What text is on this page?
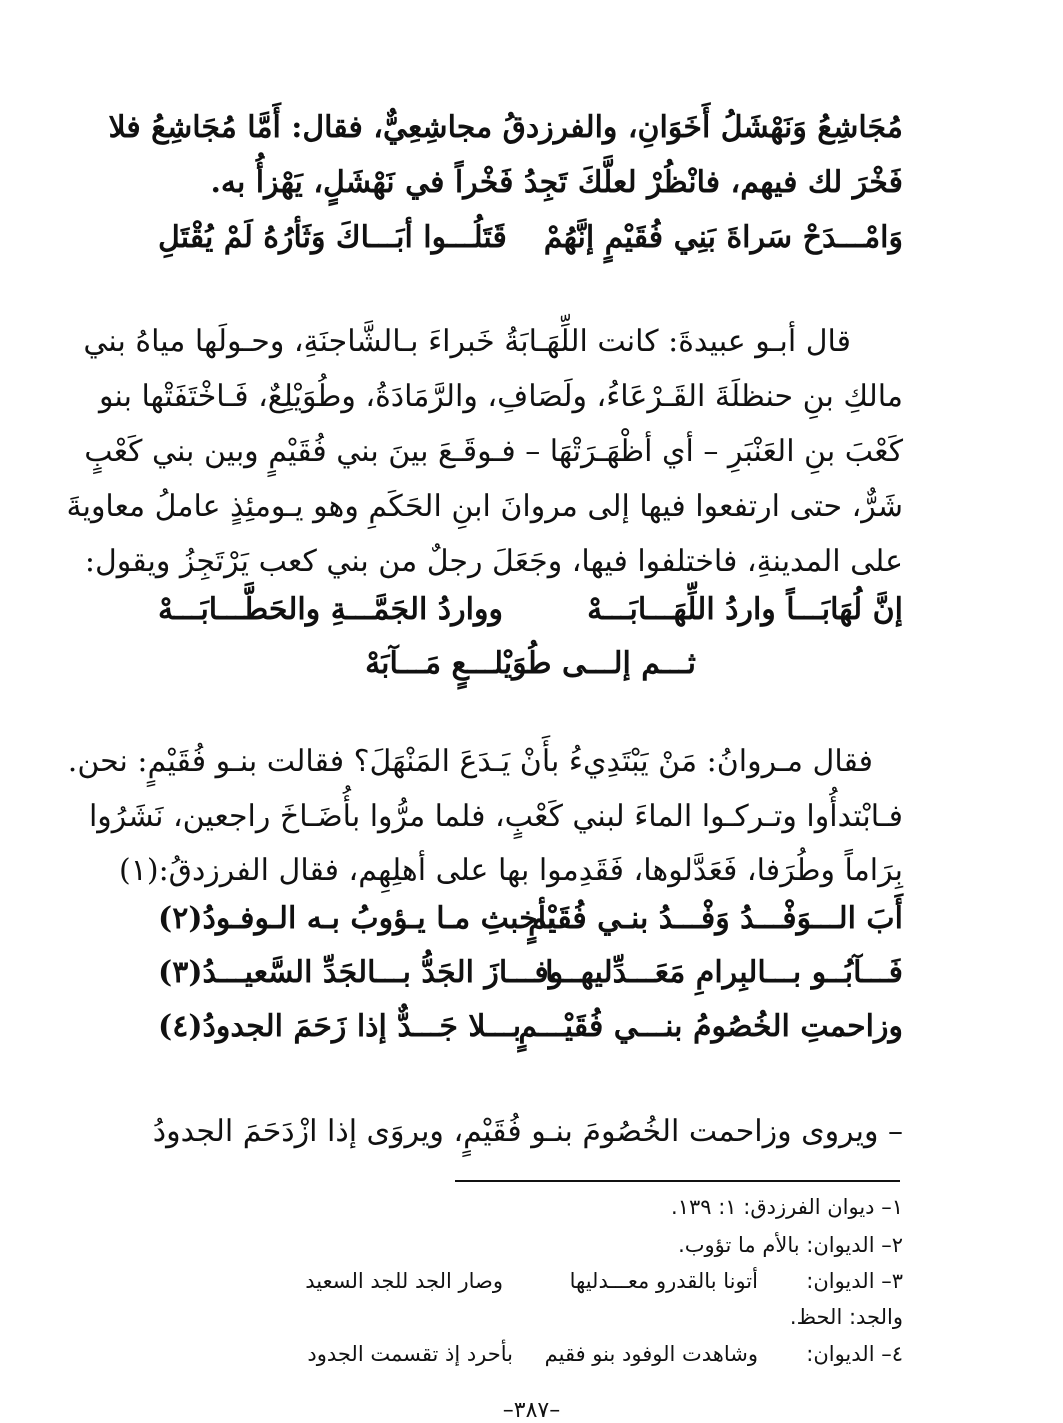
مُجَاشِعُ وَنَهْشَلُ أَخَوَانِ، والفرزدقُ مجاشِعِيٌّ، فقال: أَمَّا مُجَاشِعُ فلا
فَخْرَ لك فيهم، فانْظُرْ لعلَّكَ تَجِدُ فَخْراً في نَهْشَلٍ، يَهْزأُ به.
وَامْـــدَحْ سَراةَ بَنِي فُقَيْمٍ إنَّهُمْ
قَتَلُـــوا أبَـــاكَ وَثَأرُهُ لَمْ يُقْتَلِ
قال أبـو عبيدةَ: كانت اللِّهَـابَةُ خَبراءَ بـالشَّاجنَةِ، وحـولَها مياهُ بني
مالكِ بنِ حنظلَةَ القَـرْعَاءُ، ولَصَافِ، والرَّمَادَةُ، وطُوَيْلِعٌ، فَـاخْتَفَتْها بنو
كَعْبَ بنِ العَنْبَرِ – أي أظْهَـرَتْهَا – فـوقَـعَ بينَ بني فُقَيْمٍ وبين بني كَعْبٍ
شَرٌّ، حتى ارتفعوا فيها إلى مروانَ ابنِ الحَكَمِ وهو يـومئِذٍ عاملُ معاويةَ
على المدينةِ، فاختلفوا فيها، وجَعَلَ رجلٌ من بني كعب يَرْتَجِزُ ويقول:
إنَّ لُهَابَـــاً واردُ اللِّهَـــابَـــهْ
وواردُ الجَمَّـــةِ والحَطَّـــابَـــهْ
ثـــم إلـــى طُوَيْلـــعٍ مَـــآبَهْ
فقال مـروانُ: مَنْ يَبْتَدِيءُ بأَنْ يَـدَعَ المَنْهَلَ؟ فقالت بنـو فُقَيْمٍ: نحن.
فـابْتدأُوا وتـركـوا الماءَ لبني كَعْبٍ، فلما مرُّوا بأُضَـاخَ راجعين، نَشَرُوا
بِرَاماً وطُرَفا، فَعَدَّلوها، فَقَدِموا بها على أهلِهِم، فقال الفرزدقُ:(١)
أَبَ الـــوَفْـــدُ وَفْـــدُ بنـي فُقَيْمٍ
بأخبثِ مـا يـؤوبُ بـه الـوفـودُ(٢)
فَـــآبُــو بـــالبِرامِ مَعَـــدِّليهـــا
وفـــازَ الجَدُّ بـــالجَدِّ السَّعيـــدُ(٣)
وزاحمتِ الخُصُومُ بنـــي فُقَيْـــمٍ
بـــلا جَـــدٌّ إذا زَحَمَ الجدودُ(٤)
– ويروى وزاحمت الخُصُومَ بنـو فُقَيْمٍ، ويروَى إذا ازْدَحَمَ الجدودُ
١– ديوان الفرزدق: ١: ١٣٩.
٢– الديوان: بالأم ما تؤوب.
٣– الديوان:
أتونا بالقدرو معـــدليها
وصار الجد للجد السعيد
والجد: الحظ.
٤– الديوان:
وشاهدت الوفود بنو فقيم
بأحرد إذ تقسمت الجدود
–٣٨٧–
